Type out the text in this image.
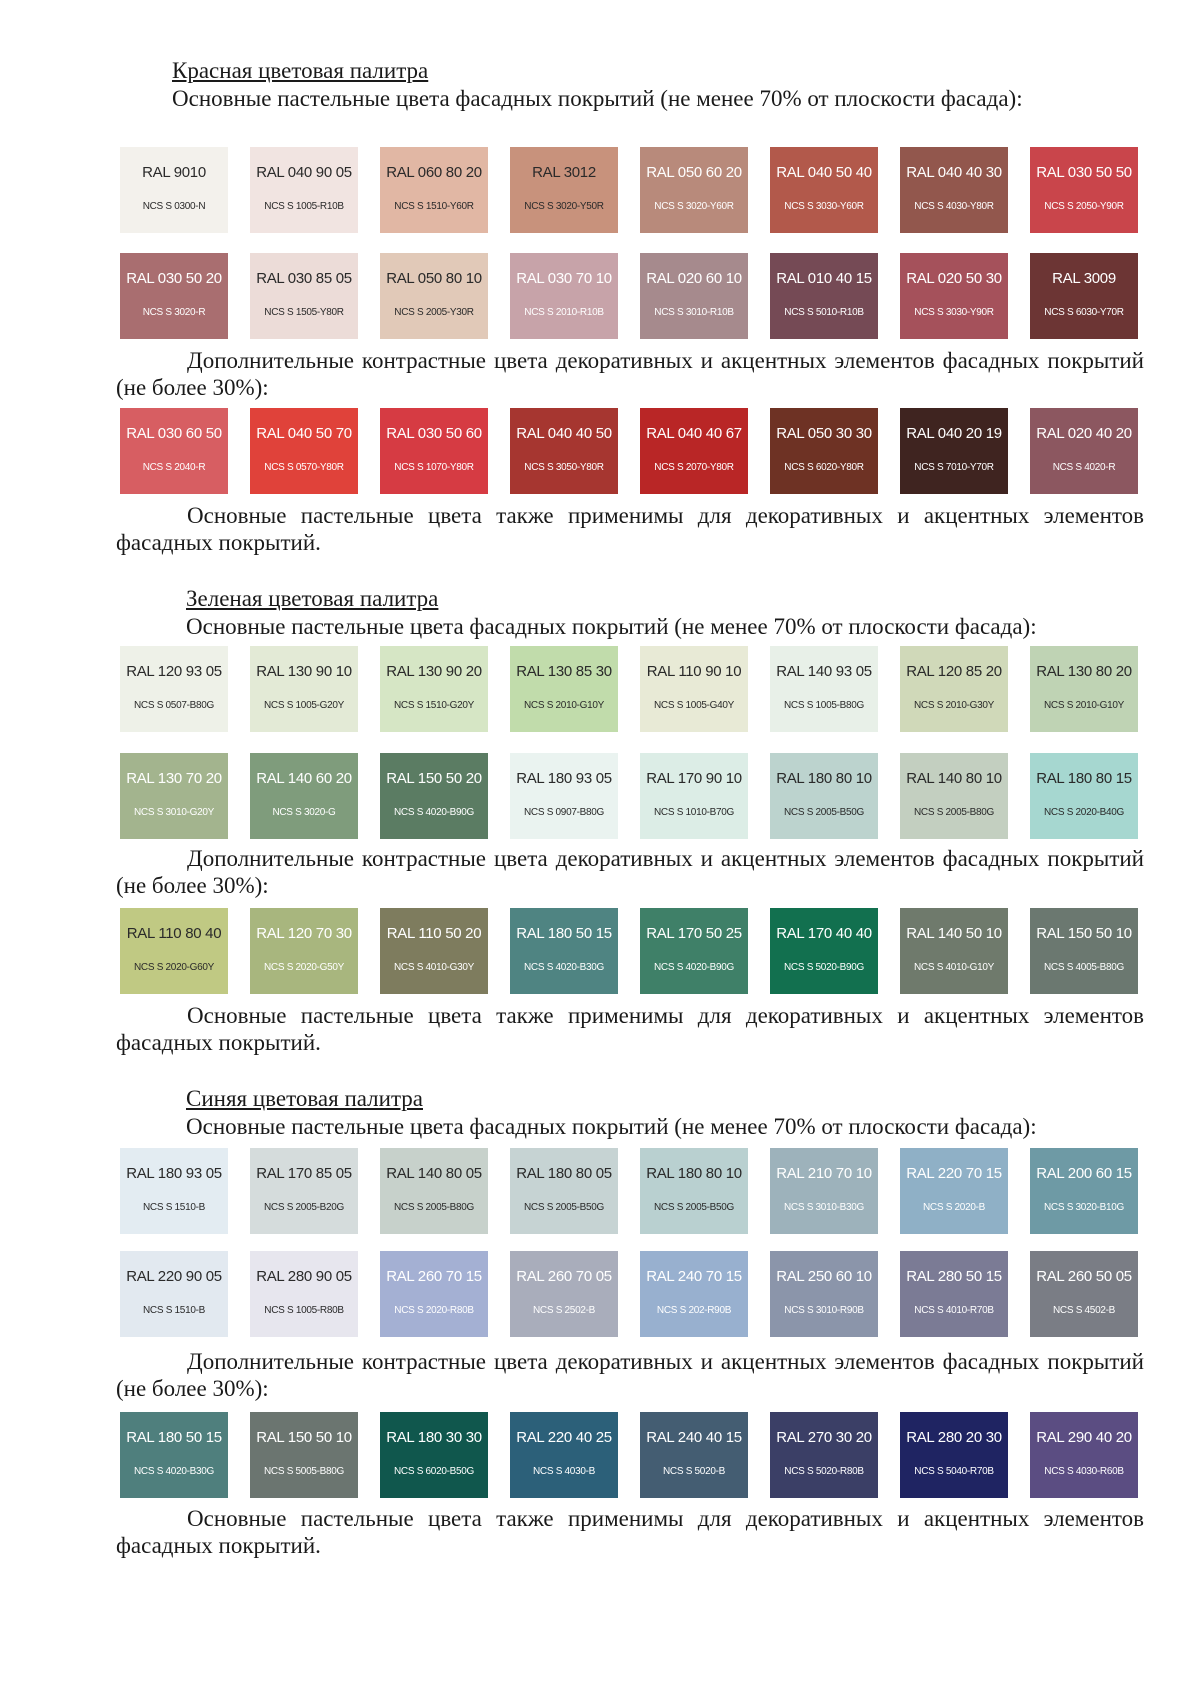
Красная цветовая палитра
Основные пастельные цвета фасадных покрытий (не менее 70% от плоскости фасада):
RAL 9010
NCS S 0300-N
RAL 040 90 05
NCS S 1005-R10B
RAL 060 80 20
NCS S 1510-Y60R
RAL 3012
NCS S 3020-Y50R
RAL 050 60 20
NCS S 3020-Y60R
RAL 040 50 40
NCS S 3030-Y60R
RAL 040 40 30
NCS S 4030-Y80R
RAL 030 50 50
NCS S 2050-Y90R
RAL 030 50 20
NCS S 3020-R
RAL 030 85 05
NCS S 1505-Y80R
RAL 050 80 10
NCS S 2005-Y30R
RAL 030 70 10
NCS S 2010-R10B
RAL 020 60 10
NCS S 3010-R10B
RAL 010 40 15
NCS S 5010-R10B
RAL 020 50 30
NCS S 3030-Y90R
RAL 3009
NCS S 6030-Y70R
Дополнительные контрастные цвета декоративных и акцентных элементов фасадных покрытий (не более 30%):
RAL 030 60 50
NCS S 2040-R
RAL 040 50 70
NCS S 0570-Y80R
RAL 030 50 60
NCS S 1070-Y80R
RAL 040 40 50
NCS S 3050-Y80R
RAL 040 40 67
NCS S 2070-Y80R
RAL 050 30 30
NCS S 6020-Y80R
RAL 040 20 19
NCS S 7010-Y70R
RAL 020 40 20
NCS S 4020-R
Основные пастельные цвета также применимы для декоративных и акцентных элементов фасадных покрытий.
Зеленая цветовая палитра
Основные пастельные цвета фасадных покрытий (не менее 70% от плоскости фасада):
RAL 120 93 05
NCS S 0507-B80G
RAL 130 90 10
NCS S 1005-G20Y
RAL 130 90 20
NCS S 1510-G20Y
RAL 130 85 30
NCS S 2010-G10Y
RAL 110 90 10
NCS S 1005-G40Y
RAL 140 93 05
NCS S 1005-B80G
RAL 120 85 20
NCS S 2010-G30Y
RAL 130 80 20
NCS S 2010-G10Y
RAL 130 70 20
NCS S 3010-G20Y
RAL 140 60 20
NCS S 3020-G
RAL 150 50 20
NCS S 4020-B90G
RAL 180 93 05
NCS S 0907-B80G
RAL 170 90 10
NCS S 1010-B70G
RAL 180 80 10
NCS S 2005-B50G
RAL 140 80 10
NCS S 2005-B80G
RAL 180 80 15
NCS S 2020-B40G
Дополнительные контрастные цвета декоративных и акцентных элементов фасадных покрытий (не более 30%):
RAL 110 80 40
NCS S 2020-G60Y
RAL 120 70 30
NCS S 2020-G50Y
RAL 110 50 20
NCS S 4010-G30Y
RAL 180 50 15
NCS S 4020-B30G
RAL 170 50 25
NCS S 4020-B90G
RAL 170 40 40
NCS S 5020-B90G
RAL 140 50 10
NCS S 4010-G10Y
RAL 150 50 10
NCS S 4005-B80G
Основные пастельные цвета также применимы для декоративных и акцентных элементов фасадных покрытий.
Синяя цветовая палитра
Основные пастельные цвета фасадных покрытий (не менее 70% от плоскости фасада):
RAL 180 93 05
NCS S 1510-B
RAL 170 85 05
NCS S 2005-B20G
RAL 140 80 05
NCS S 2005-B80G
RAL 180 80 05
NCS S 2005-B50G
RAL 180 80 10
NCS S 2005-B50G
RAL 210 70 10
NCS S 3010-B30G
RAL 220 70 15
NCS S 2020-B
RAL 200 60 15
NCS S 3020-B10G
RAL 220 90 05
NCS S 1510-B
RAL 280 90 05
NCS S 1005-R80B
RAL 260 70 15
NCS S 2020-R80B
RAL 260 70 05
NCS S 2502-B
RAL 240 70 15
NCS S 202-R90B
RAL 250 60 10
NCS S 3010-R90B
RAL 280 50 15
NCS S 4010-R70B
RAL 260 50 05
NCS S 4502-B
Дополнительные контрастные цвета декоративных и акцентных элементов фасадных покрытий (не более 30%):
RAL 180 50 15
NCS S 4020-B30G
RAL 150 50 10
NCS S 5005-B80G
RAL 180 30 30
NCS S 6020-B50G
RAL 220 40 25
NCS S 4030-B
RAL 240 40 15
NCS S 5020-B
RAL 270 30 20
NCS S 5020-R80B
RAL 280 20 30
NCS S 5040-R70B
RAL 290 40 20
NCS S 4030-R60B
Основные пастельные цвета также применимы для декоративных и акцентных элементов фасадных покрытий.
